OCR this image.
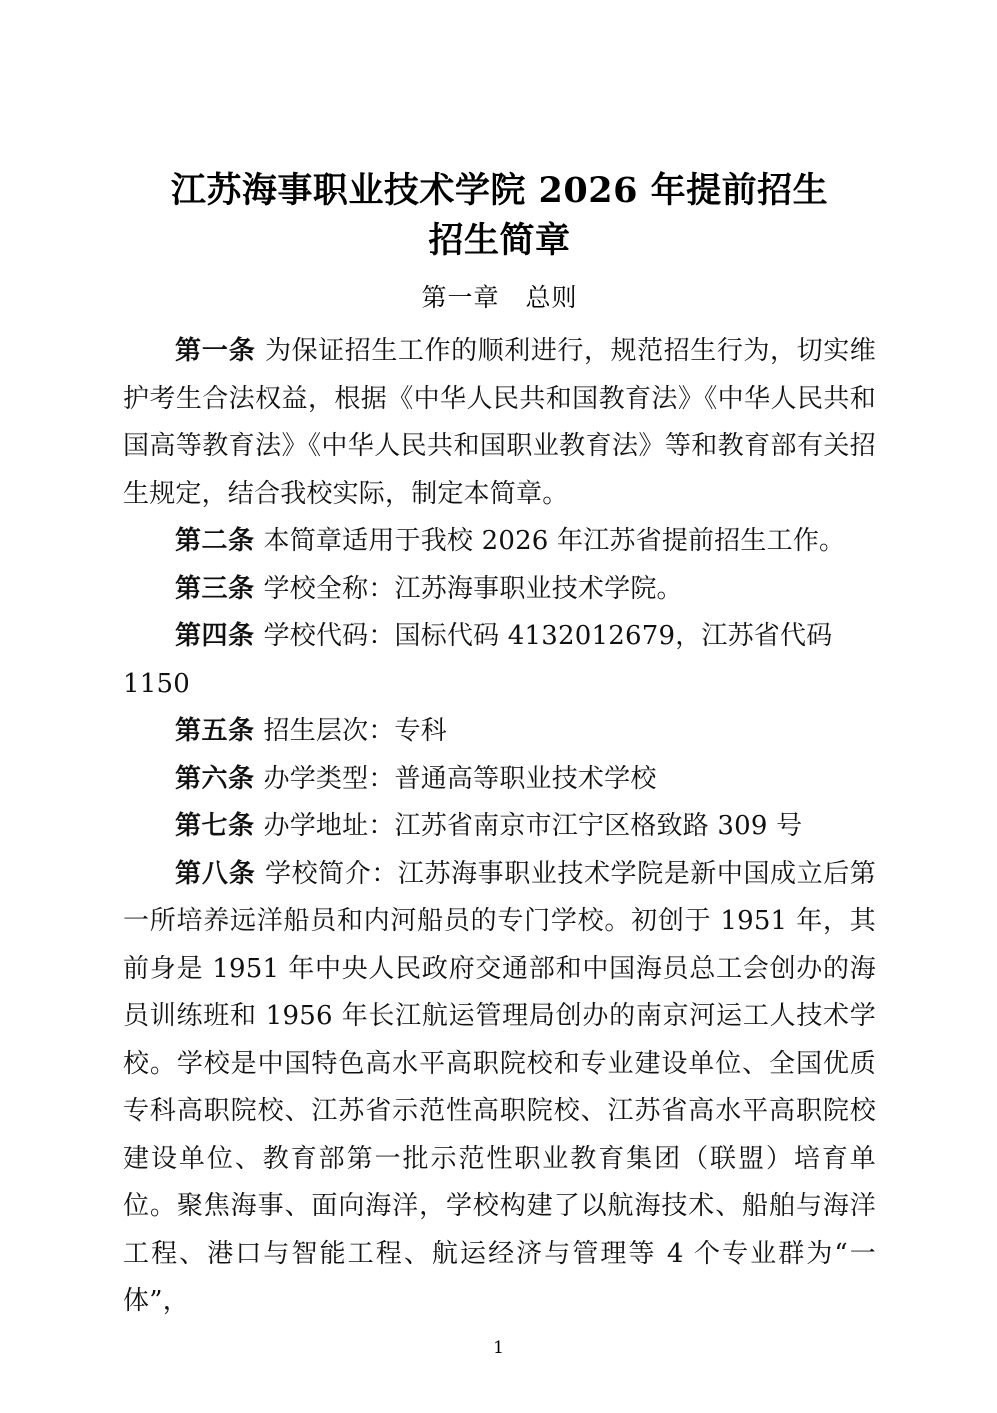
江苏海事职业技术学院 2026 年提前招生
招生简章
第一章 总则

第一条 为保证招生工作的顺利进行，规范招生行为，切实维护考生合法权益，根据《中华人民共和国教育法》《中华人民共和国高等教育法》《中华人民共和国职业教育法》等和教育部有关招生规定，结合我校实际，制定本简章。

第二条 本简章适用于我校 2026 年江苏省提前招生工作。

第三条 学校全称：江苏海事职业技术学院。

第四条 学校代码：国标代码 4132012679，江苏省代码 1150

第五条 招生层次：专科

第六条 办学类型：普通高等职业技术学校

第七条 办学地址：江苏省南京市江宁区格致路 309 号

第八条 学校简介：江苏海事职业技术学院是新中国成立后第一所培养远洋船员和内河船员的专门学校。初创于 1951 年，其前身是 1951 年中央人民政府交通部和中国海员总工会创办的海员训练班和 1956 年长江航运管理局创办的南京河运工人技术学校。学校是中国特色高水平高职院校和专业建设单位、全国优质专科高职院校、江苏省示范性高职院校、江苏省高水平高职院校建设单位、教育部第一批示范性职业教育集团（联盟）培育单位。聚焦海事、面向海洋，学校构建了以航海技术、船舶与海洋工程、港口与智能工程、航运经济与管理等 4 个专业群为“一体”，

1
